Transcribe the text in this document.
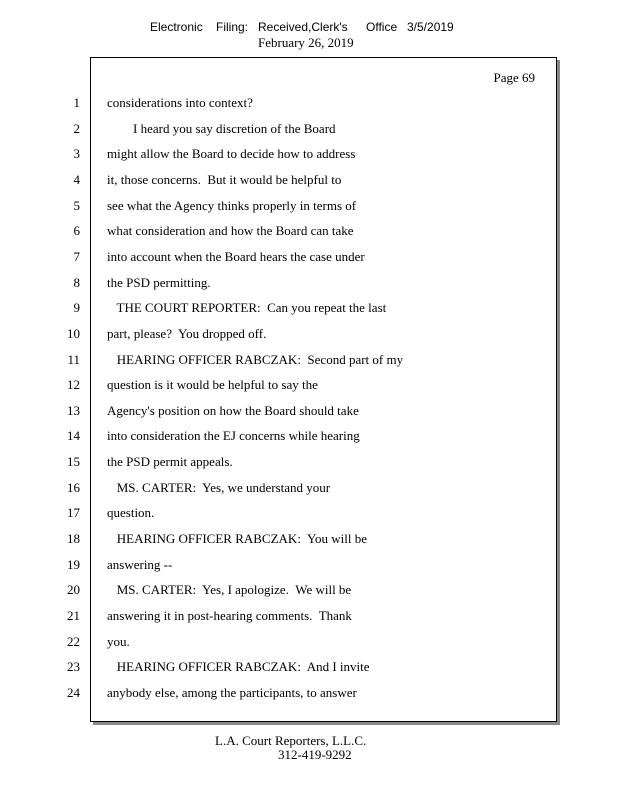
Electronic Filing: Received,Clerk's Office 3/5/2019
February 26, 2019
Page 69
1 considerations into context?
2 I heard you say discretion of the Board
3 might allow the Board to decide how to address
4 it, those concerns.  But it would be helpful to
5 see what the Agency thinks properly in terms of
6 what consideration and how the Board can take
7 into account when the Board hears the case under
8 the PSD permitting.
9 THE COURT REPORTER:  Can you repeat the last
10 part, please?  You dropped off.
11 HEARING OFFICER RABCZAK:  Second part of my
12 question is it would be helpful to say the
13 Agency's position on how the Board should take
14 into consideration the EJ concerns while hearing
15 the PSD permit appeals.
16 MS. CARTER:  Yes, we understand your
17 question.
18 HEARING OFFICER RABCZAK:  You will be
19 answering --
20 MS. CARTER:  Yes, I apologize.  We will be
21 answering it in post-hearing comments.  Thank
22 you.
23 HEARING OFFICER RABCZAK:  And I invite
24 anybody else, among the participants, to answer
L.A. Court Reporters, L.L.C.
312-419-9292
